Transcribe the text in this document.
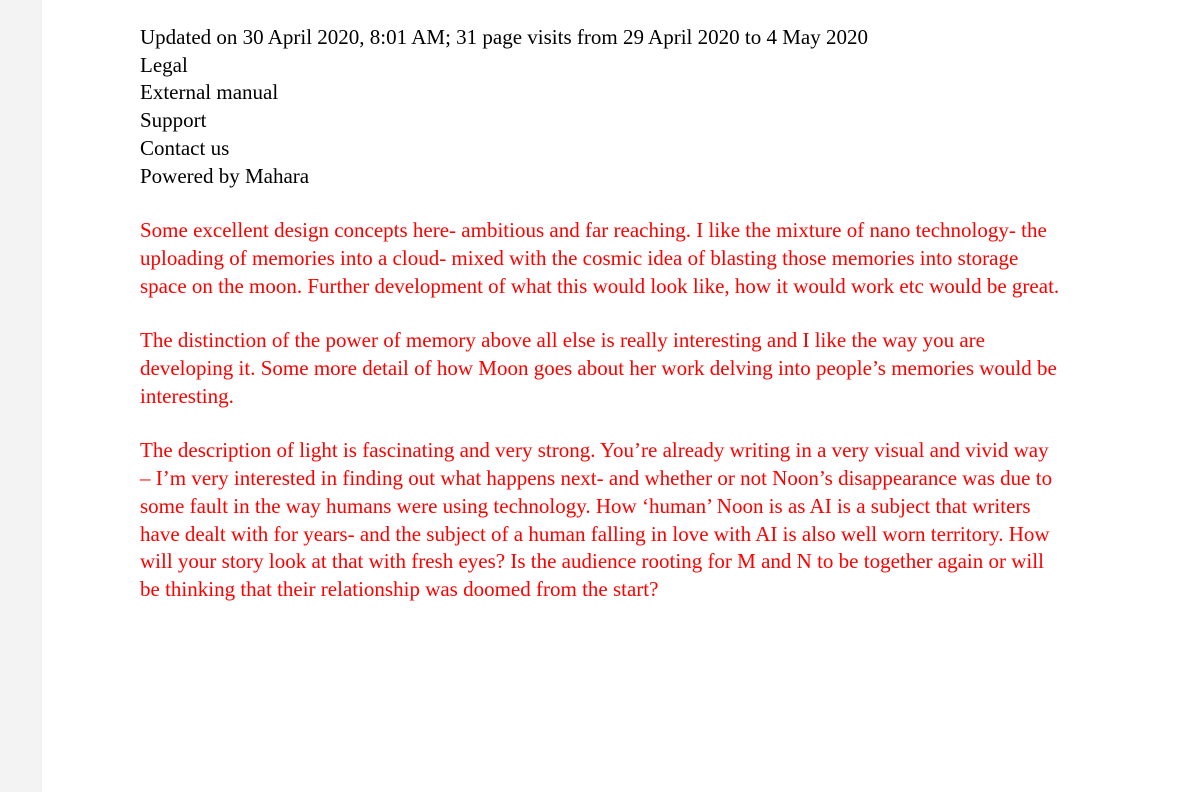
Updated on 30 April 2020, 8:01 AM; 31 page visits from 29 April 2020 to 4 May 2020
Legal
External manual
Support
Contact us
Powered by Mahara

Some excellent design concepts here- ambitious and far reaching. I like the mixture of nano technology- the uploading of memories into a cloud- mixed with the cosmic idea of blasting those memories into storage space on the moon. Further development of what this would look like, how it would work etc would be great.

The distinction of the power of memory above all else is really interesting and I like the way you are developing it. Some more detail of how Moon goes about her work delving into people’s memories would be interesting.

The description of light is fascinating and very strong. You’re already writing in a very visual and vivid way – I’m very interested in finding out what happens next- and whether or not Noon’s disappearance was due to some fault in the way humans were using technology. How ‘human’ Noon is as AI is a subject that writers have dealt with for years- and the subject of a human falling in love with AI is also well worn territory. How will your story look at that with fresh eyes? Is the audience rooting for M and N to be together again or will be thinking that their relationship was doomed from the start?
